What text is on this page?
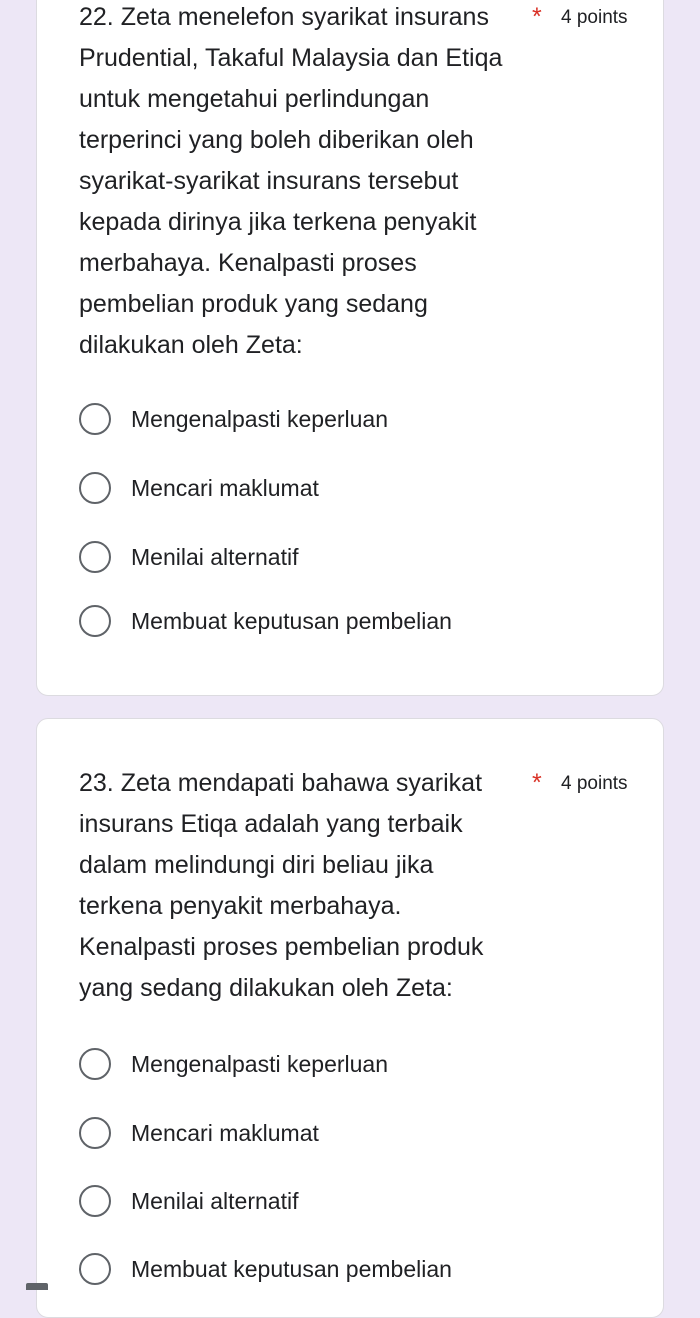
22. Zeta menelefon syarikat insurans Prudential, Takaful Malaysia dan Etiqa untuk mengetahui perlindungan terperinci yang boleh diberikan oleh syarikat-syarikat insurans tersebut kepada dirinya jika terkena penyakit merbahaya. Kenalpasti proses pembelian produk yang sedang dilakukan oleh Zeta:
* 4 points
Mengenalpasti keperluan
Mencari maklumat
Menilai alternatif
Membuat keputusan pembelian
23. Zeta mendapati bahawa syarikat insurans Etiqa adalah yang terbaik dalam melindungi diri beliau jika terkena penyakit merbahaya. Kenalpasti proses pembelian produk yang sedang dilakukan oleh Zeta:
* 4 points
Mengenalpasti keperluan
Mencari maklumat
Menilai alternatif
Membuat keputusan pembelian
